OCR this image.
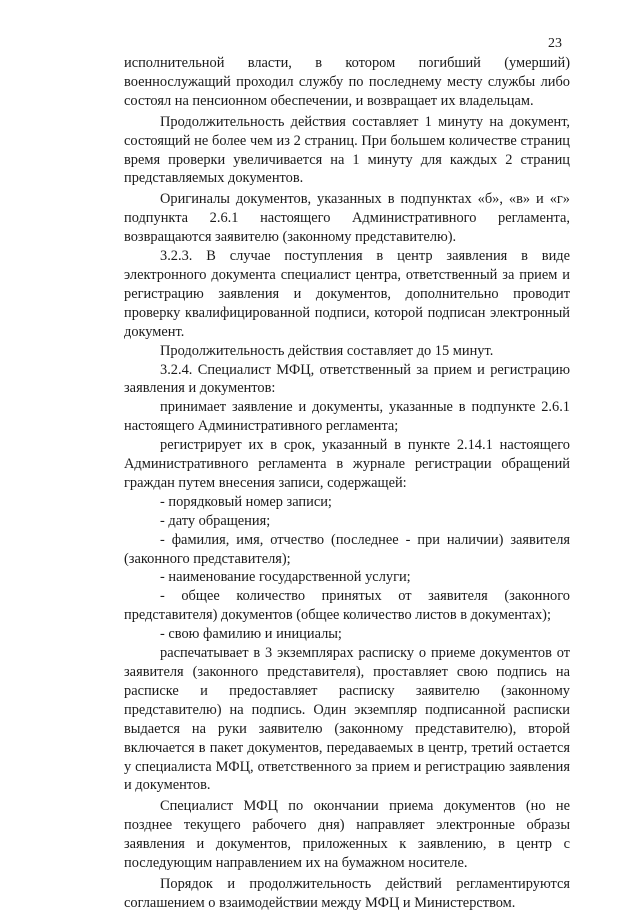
23

исполнительной власти, в котором погибший (умерший) военнослужащий проходил службу по последнему месту службы либо состоял на пенсионном обеспечении, и возвращает их владельцам.

Продолжительность действия составляет 1 минуту на документ, состоящий не более чем из 2 страниц. При большем количестве страниц время проверки увеличивается на 1 минуту для каждых 2 страниц представляемых документов.

Оригиналы документов, указанных в подпунктах «б», «в» и «г» подпункта 2.6.1 настоящего Административного регламента, возвращаются заявителю (законному представителю).

3.2.3. В случае поступления в центр заявления в виде электронного документа специалист центра, ответственный за прием и регистрацию заявления и документов, дополнительно проводит проверку квалифицированной подписи, которой подписан электронный документ.

Продолжительность действия составляет до 15 минут.

3.2.4. Специалист МФЦ, ответственный за прием и регистрацию заявления и документов:

принимает заявление и документы, указанные в подпункте 2.6.1 настоящего Административного регламента;

регистрирует их в срок, указанный в пункте 2.14.1 настоящего Административного регламента в журнале регистрации обращений граждан путем внесения записи, содержащей:

- порядковый номер записи;

- дату обращения;

- фамилия, имя, отчество (последнее - при наличии) заявителя (законного представителя);

- наименование государственной услуги;

- общее количество принятых от заявителя (законного представителя) документов (общее количество листов в документах);

- свою фамилию и инициалы;

распечатывает в 3 экземплярах расписку о приеме документов от заявителя (законного представителя), проставляет свою подпись на расписке и предоставляет расписку заявителю (законному представителю) на подпись. Один экземпляр подписанной расписки выдается на руки заявителю (законному представителю), второй включается в пакет документов, передаваемых в центр, третий остается у специалиста МФЦ, ответственного за прием и регистрацию заявления и документов.

Специалист МФЦ по окончании приема документов (но не позднее текущего рабочего дня) направляет электронные образы заявления и документов, приложенных к заявлению, в центр с последующим направлением их на бумажном носителе.

Порядок и продолжительность действий регламентируются соглашением о взаимодействии между МФЦ и Министерством.
